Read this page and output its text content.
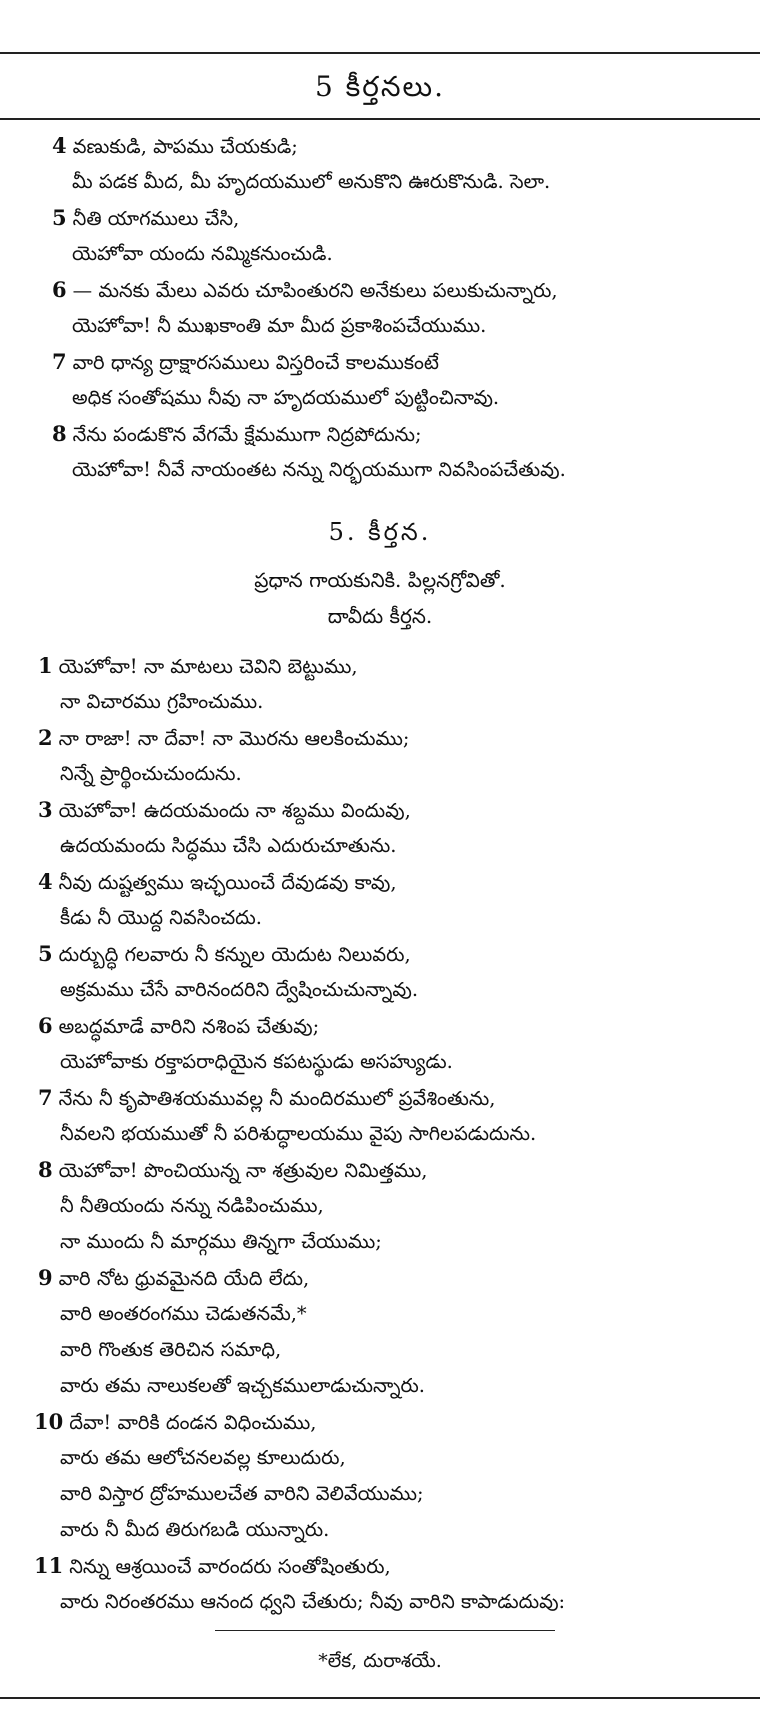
5 కీర్తనలు.
4 వణుకుడి, పాపము చేయకుడి;
మీ పడక మీద, మీ హృదయములో అనుకొని ఊరుకొనుడి. సెలా.
5 నీతి యాగములు చేసి,
యెహోవా యందు నమ్మికనుంచుడి.
6 — మనకు మేలు ఎవరు చూపింతురని అనేకులు పలుకుచున్నారు,
యెహోవా! నీ ముఖకాంతి మా మీద ప్రకాశింపచేయుము.
7 వారి ధాన్య ద్రాక్షారసములు విస్తరించే కాలముకంటే
అధిక సంతోషము నీవు నా హృదయములో పుట్టించినావు.
8 నేను పండుకొన వేగమే క్షేమముగా నిద్రపోదును;
యెహోవా! నీవే నాయంతట నన్ను నిర్భయముగా నివసింపచేతువు.
5. కీర్తన.
ప్రధాన గాయకునికి. పిల్లనగ్రోవితో.
దావీదు కీర్తన.
1 యెహోవా! నా మాటలు చెవిని బెట్టుము,
నా విచారము గ్రహించుము.
2 నా రాజా! నా దేవా! నా మొరను ఆలకించుము;
నిన్నే ప్రార్థించుచుందును.
3 యెహోవా! ఉదయమందు నా శబ్దము విందువు,
ఉదయమందు సిద్ధము చేసి ఎదురుచూతును.
4 నీవు దుష్టత్వము ఇచ్ఛయించే దేవుడవు కావు,
కీడు నీ యొద్ద నివసించదు.
5 దుర్బుద్ధి గలవారు నీ కన్నుల యెదుట నిలువరు,
అక్రమము చేసే వారినందరిని ద్వేషించుచున్నావు.
6 అబద్ధమాడే వారిని నశింప చేతువు;
యెహోవాకు రక్తాపరాధియైన కపటస్థుడు అసహ్యుడు.
7 నేను నీ కృపాతిశయమువల్ల నీ మందిరములో ప్రవేశింతును,
నీవలని భయముతో నీ పరిశుద్ధాలయము వైపు సాగిలపడుదును.
8 యెహోవా! పొంచియున్న నా శత్రువుల నిమిత్తము,
నీ నీతియందు నన్ను నడిపించుము,
నా ముందు నీ మార్గము తిన్నగా చేయుము;
9 వారి నోట ధ్రువమైనది యేది లేదు,
వారి అంతరంగము చెడుతనమే,*
వారి గొంతుక తెరిచిన సమాధి,
వారు తమ నాలుకలతో ఇచ్చకములాడుచున్నారు.
10 దేవా! వారికి దండన విధించుము,
వారు తమ ఆలోచనలవల్ల కూలుదురు,
వారి విస్తార ద్రోహములచేత వారిని వెలివేయుము;
వారు నీ మీద తిరుగబడి యున్నారు.
11 నిన్ను ఆశ్రయించే వారందరు సంతోషింతురు,
వారు నిరంతరము ఆనంద ధ్వని చేతురు; నీవు వారిని కాపాడుదువు:
*లేక, దురాశయే.
